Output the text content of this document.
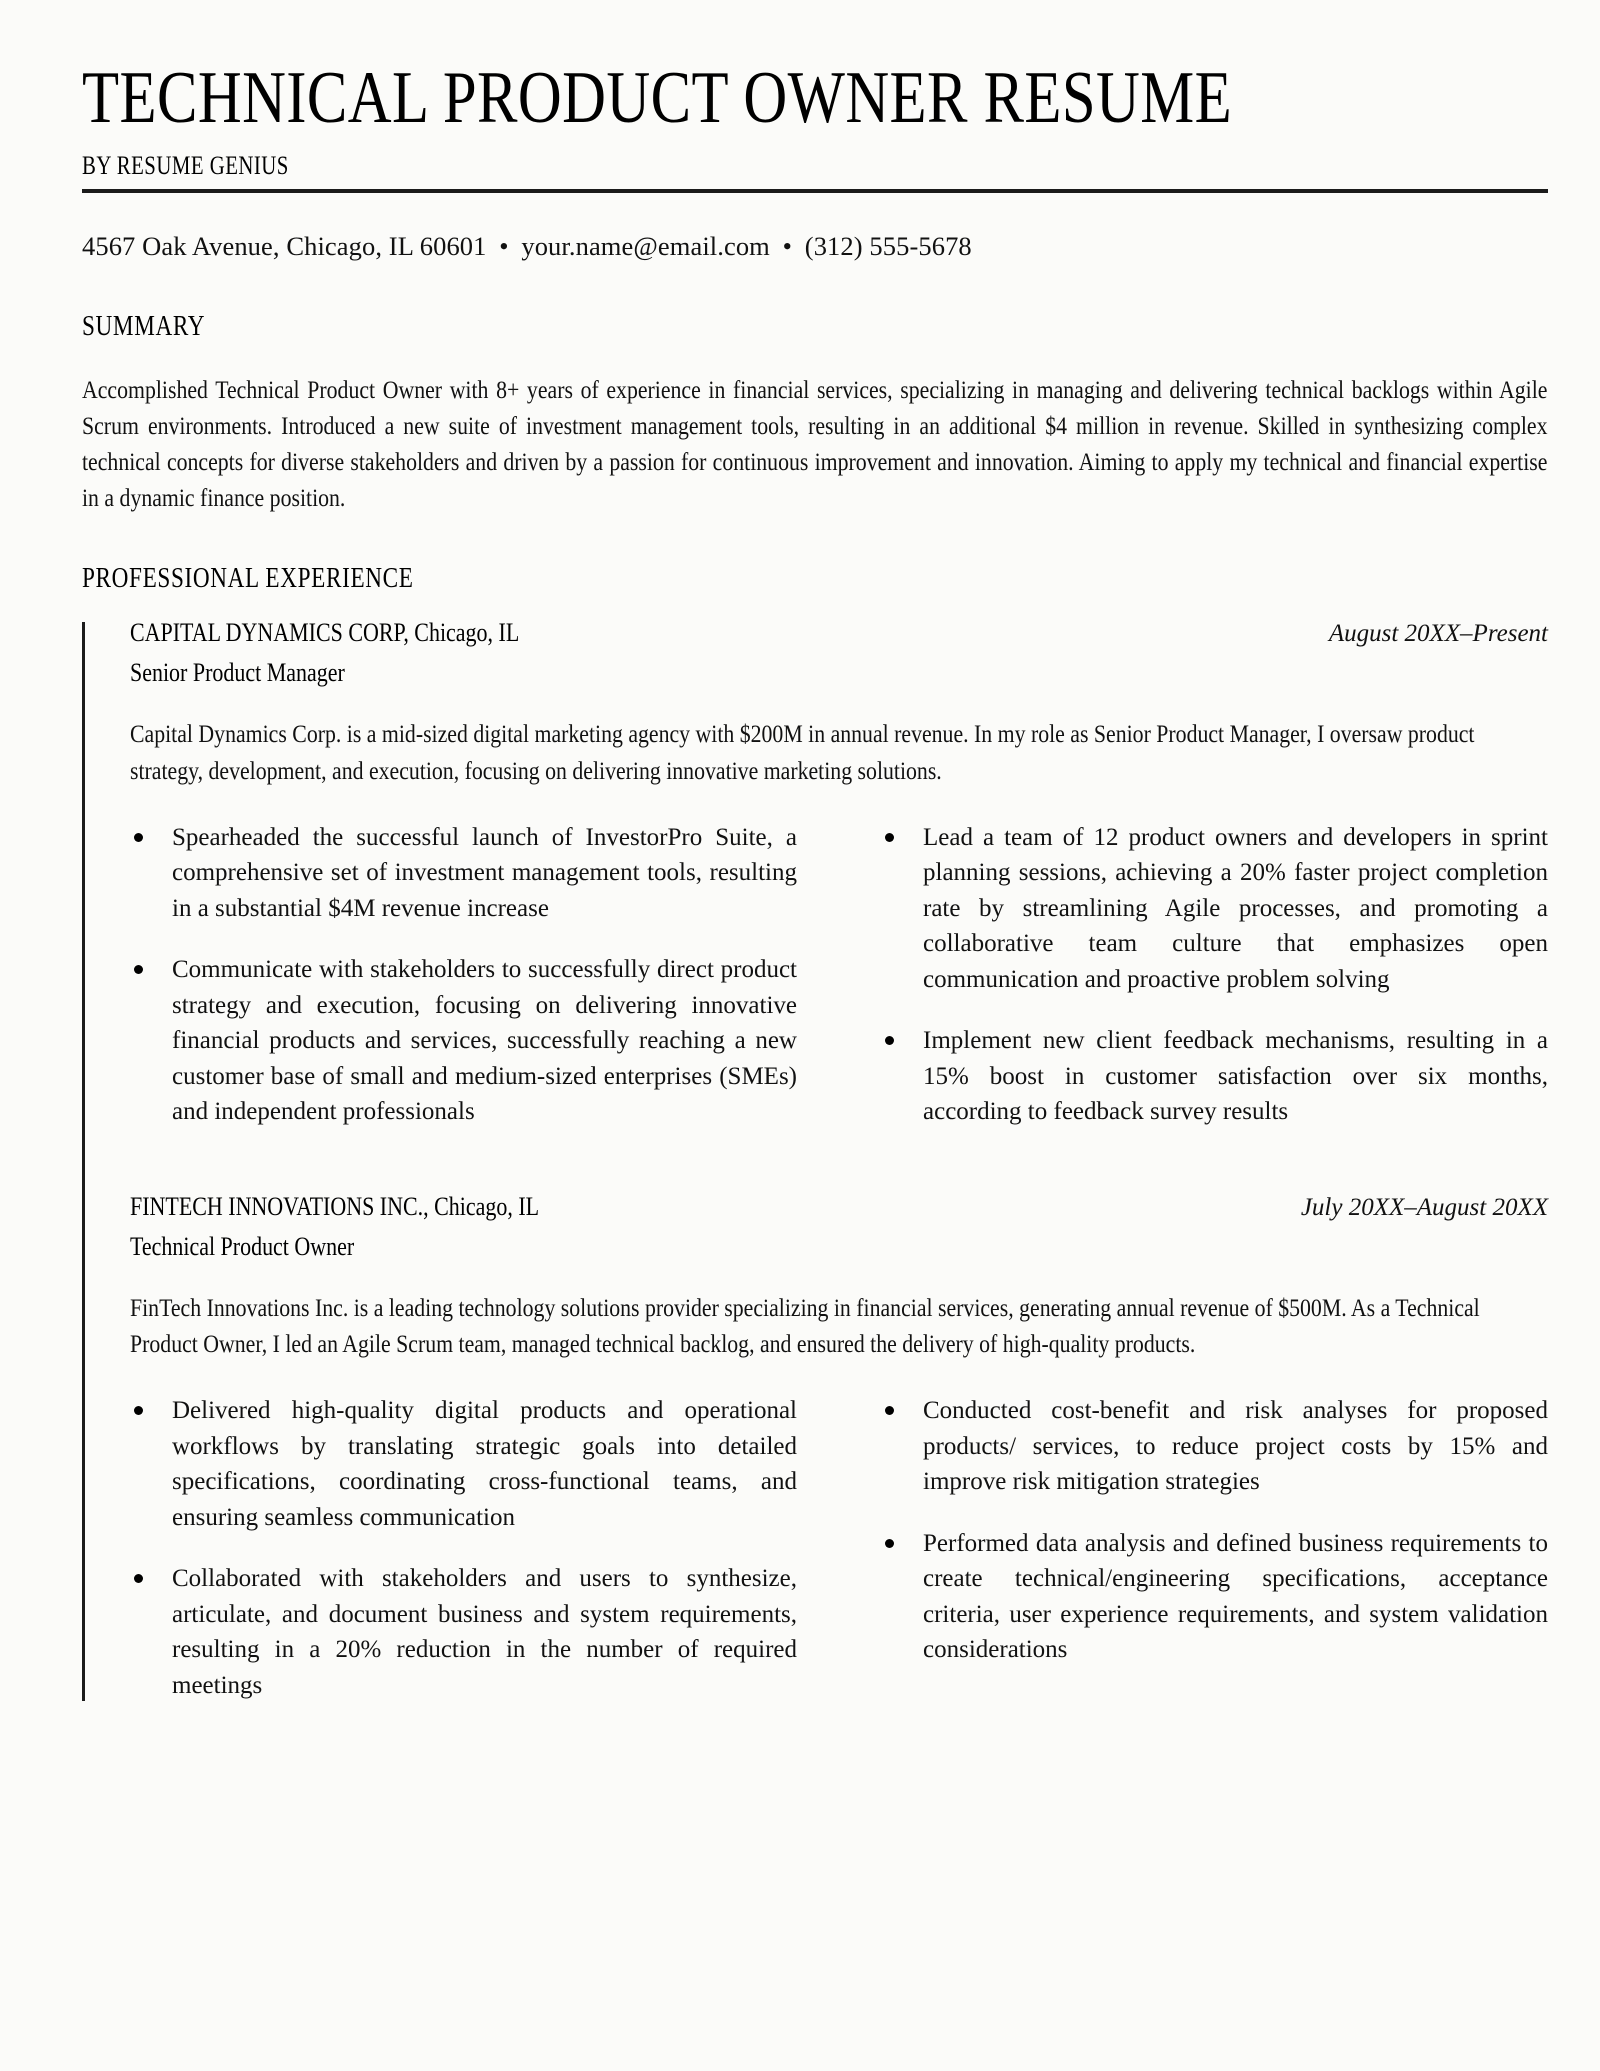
TECHNICAL PRODUCT OWNER RESUME
BY RESUME GENIUS
4567 Oak Avenue, Chicago, IL 60601 • your.name@email.com • (312) 555-5678
SUMMARY
Accomplished Technical Product Owner with 8+ years of experience in financial services, specializing in managing and delivering technical backlogs within Agile Scrum environments. Introduced a new suite of investment management tools, resulting in an additional $4 million in revenue. Skilled in synthesizing complex technical concepts for diverse stakeholders and driven by a passion for continuous improvement and innovation. Aiming to apply my technical and financial expertise in a dynamic finance position.
PROFESSIONAL EXPERIENCE
CAPITAL DYNAMICS CORP, Chicago, IL	August 20XX–Present
Senior Product Manager
Capital Dynamics Corp. is a mid-sized digital marketing agency with $200M in annual revenue. In my role as Senior Product Manager, I oversaw product strategy, development, and execution, focusing on delivering innovative marketing solutions.
Spearheaded the successful launch of InvestorPro Suite, a comprehensive set of investment management tools, resulting in a substantial $4M revenue increase
Communicate with stakeholders to successfully direct product strategy and execution, focusing on delivering innovative financial products and services, successfully reaching a new customer base of small and medium-sized enterprises (SMEs) and independent professionals
Lead a team of 12 product owners and developers in sprint planning sessions, achieving a 20% faster project completion rate by streamlining Agile processes, and promoting a collaborative team culture that emphasizes open communication and proactive problem solving
Implement new client feedback mechanisms, resulting in a 15% boost in customer satisfaction over six months, according to feedback survey results
FINTECH INNOVATIONS INC., Chicago, IL	July 20XX–August 20XX
Technical Product Owner
FinTech Innovations Inc. is a leading technology solutions provider specializing in financial services, generating annual revenue of $500M. As a Technical Product Owner, I led an Agile Scrum team, managed technical backlog, and ensured the delivery of high-quality products.
Delivered high-quality digital products and operational workflows by translating strategic goals into detailed specifications, coordinating cross-functional teams, and ensuring seamless communication
Collaborated with stakeholders and users to synthesize, articulate, and document business and system requirements, resulting in a 20% reduction in the number of required meetings
Conducted cost-benefit and risk analyses for proposed products/ services, to reduce project costs by 15% and improve risk mitigation strategies
Performed data analysis and defined business requirements to create technical/engineering specifications, acceptance criteria, user experience requirements, and system validation considerations
